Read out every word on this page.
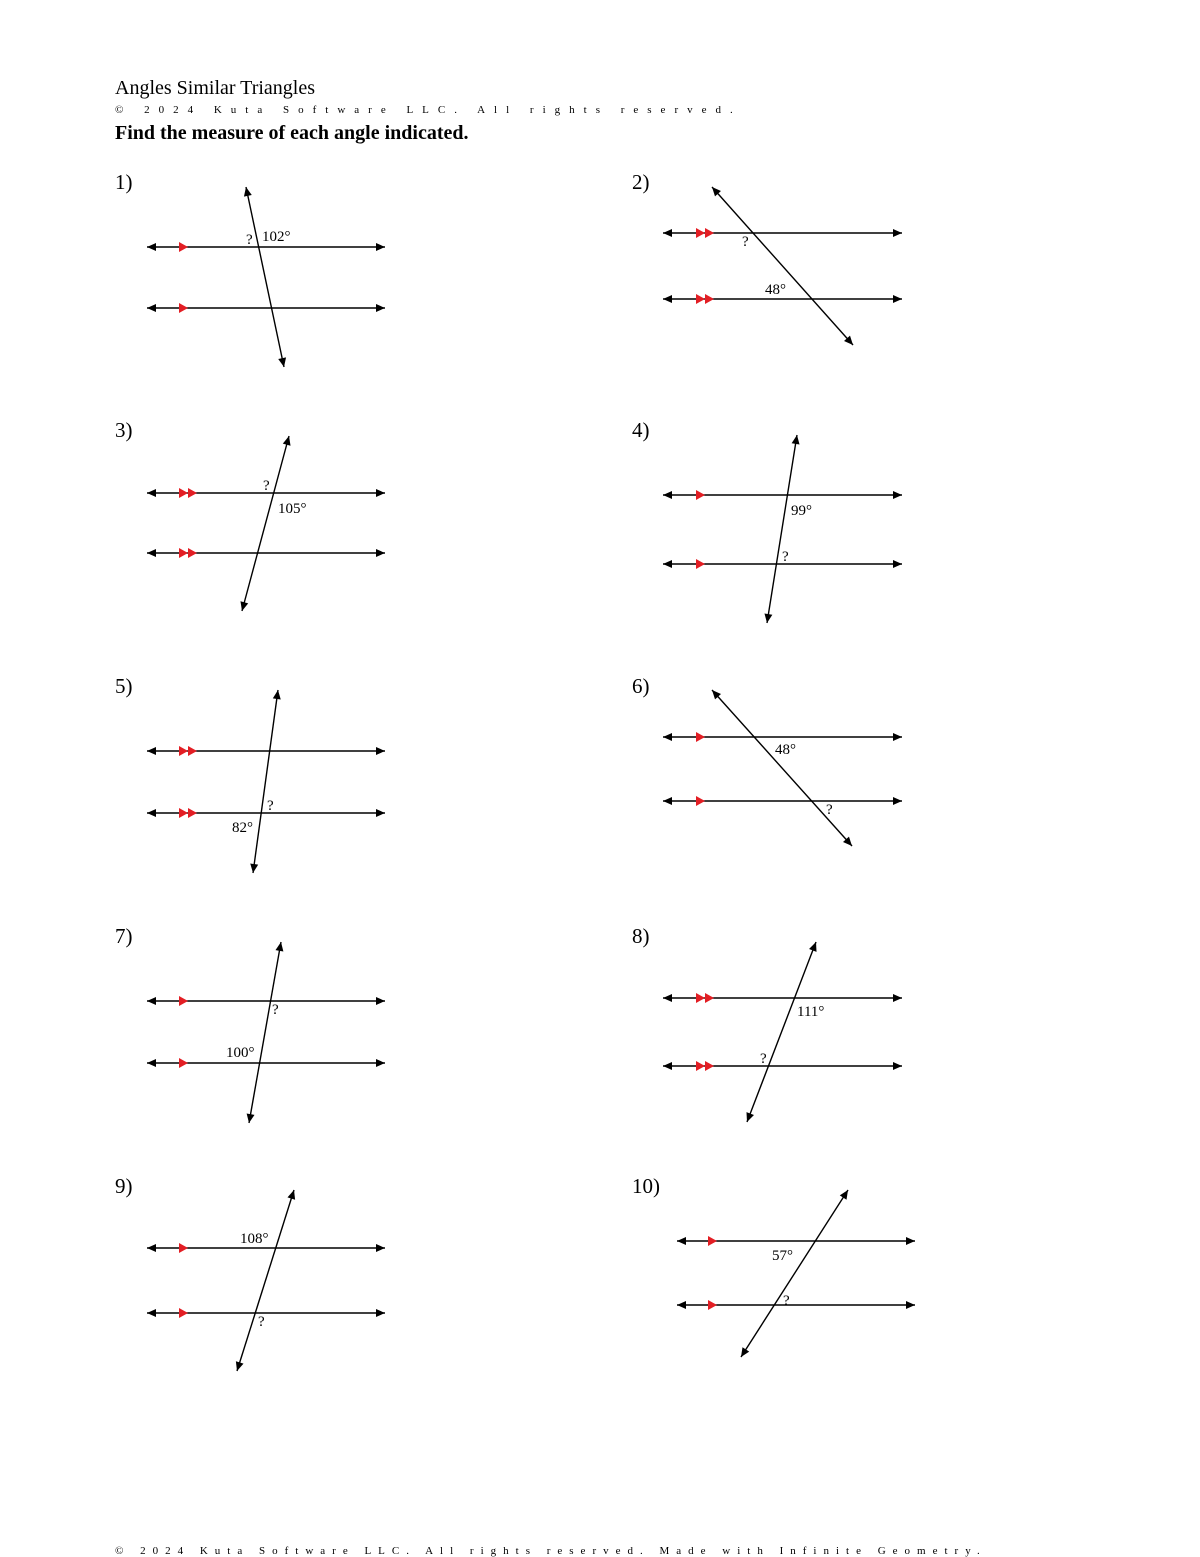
Angles Similar Triangles
© 2024 Kuta Software LLC. All rights reserved.
Find the measure of each angle indicated.
1)	2)
3)	4)
5)	6)
7)	8)
9)	10)
? 102°	?
48°
?
105°	99°
?
?
82°
48°
?
?
100°
111°
?
108°
?
57°
?
© 2024 Kuta Software LLC. All rights reserved. Made with Infinite Geometry.
